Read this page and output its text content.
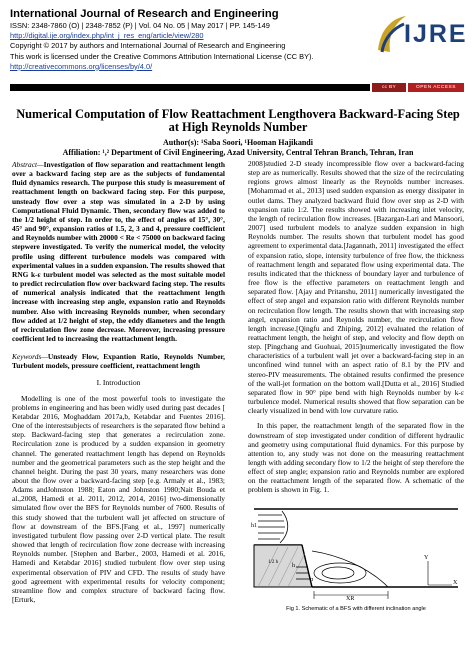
International Journal of Research and Engineering
ISSN: 2348-7860 (O) | 2348-7852 (P) | Vol. 04 No. 05 | May 2017 | PP. 145-149
http://digital.ije.org/index.php/int_j_res_eng/article/view/280
Copyright © 2017 by authors and International Journal of Research and Engineering
This work is licensed under the Creative Commons Attribution International License (CC BY).
http://creativecommons.org/licenses/by/4.0/
IJRE
cc BY	OPEN ACCESS
Numerical Computation of Flow Reattachment Lengthovera Backward-Facing Step at High Reynolds Number
Author(s): ¹Saba Soori, ¹Hooman Hajikandi
Affiliation: ¹,² Department of Civil Engineering, Azad University, Central Tehran Branch, Tehran, Iran

Abstract—Investigation of flow separation and reattachment length over a backward facing step are as the subjects of fundamental fluid dynamics research. The purpose this study is measurement of reattachment length on backward facing step. For this purpose, unsteady flow over a step was simulated in a 2-D by using Computational Fluid Dynamic. Then, secondary flow was added to the 1/2 height of step. In order to, the effect of angles of 15°, 30°, 45° and 90°, expansion ratios of 1.5, 2, 3 and 4, pressure coefficient and Reynolds number with 20000 < Re < 75000 on backward facing stepwere investigated. To verify the numerical model, the velocity profile using different turbulence models was compared with experimental values in a sudden expansion. The results showed that RNG k-ε turbulent model was selected as the most suitable model to predict recirculation flow over backward facing step. The results of numerical analysis indicated that the reattachment length increase with increasing step angle, expansion ratio and Reynolds number. Also with increasing Reynolds number, when secondary flow added at 1/2 height of step, the eddy diameters and the length of recirculation flow zone decrease. Moreover, increasing pressure coefficient led to increasing the reattachment length.

Keywords—Unsteady Flow, Expantion Ratio, Reynolds Number, Turbulent models, pressure coefficient, reattachment length

I. Introduction

Modelling is one of the most powerful tools to investigate the problems in engineering and has been widly used during past decades [ Ketabdar 2016, Moghaddam 2017a,b, Ketabdar and Fuentes 2016]. One of the interestsubjects of researchers is the separated flow behind a step. Backward-facing step that generates a recirculation zone. Recirculation zone is produced by a sudden expansion in geometry channel. The generated reattachment length has depend on Reynolds number and the geometrical parameters such as the step height and the channel height. During the past 30 years, many researchers was done about the flow over a backward-facing step [e.g. Armaly et al., 1983; Adams andJohnston 1988; Eaton and Johnston 1980;Nait Bouda et al.,2008, Hamedi et al. 2011, 2012, 2014, 2016] two-dimensionally simulated flow over the BFS for Reynolds number of 7600. Results of this study showed that the turbulent wall jet affected on structure of flow at downstream of the BFS.[Fang et al., 1997] numerically investigated turbulent flow passing over 2-D vertical plate. The result showed that length of recirculation flow zone decrease with increasing Reynolds number. [Stephen and Barber., 2003, Hamedi et al. 2016, Hamedi and Ketabdar 2016] studied turbulent flow over step using experimental observation of PIV and CFD. The results of study have good agreement with experimental results for velocity component; streamline flow and complex structure of backward facing flow. [Erturk,

2008]studied 2-D steady incompressible flow over a backward-facing step are as numerically. Results showed that the size of the recirculating regions grows almost linearly as the Reynolds number increases.[Mohammad et al., 2013] used sudden expansion as energy dissipater in outlet dams. They analyzed backward fluid flow over step as 2-D with expansion ratio 1:2. The results showed with increasing inlet velocity, the length of recirculation flow increases. [Bazargan-Lari and Mansoori, 2007] used turbulent models to analyze sudden expansion in high Reynolds number. The results shown that turbulent model has good agreement to experimental data.[Jagannath, 2011] investigated the effect of expansion ratio, slope, intensity turbulence of free flow, the thickness of reattachment length and separated flow using experimental data. The results indicated that the thickness of boundary layer and turbulence of free flow is the effective parameters on reattachment length and separated flow. [Ajay and Pritanshu, 2011] numerically investigated the effect of step angel and expansion ratio with different Reynolds number on recirculation flow length. The results shown that with increasing step angel, expansion ratio and Reynolds number, the recirculation flow length increase.[Qingfu and Zhiping, 2012] evaluated the relation of reattachment length, the height of step, and velocity and flow depth on step. [Pingchang and Guohuai, 2015]numerically investigated the flow characteristics of a turbulent wall jet over a backward-facing step in an unconfined wind tunnel with an aspect ratio of 8.1 by the PIV and stereo-PIV measurements. The obtained results confirmed the presence of the wall-jet formation on the bottom wall.[Dutta et al., 2016] Studied separated flow in 90° pipe bend with high Reynolds number by k-ε turbulence model. Numerical results showed that flow separation can be clearly visualized in bend with low curvature ratio.

In this paper, the reattachment length of the separated flow in the downstream of step investigated under condition of different hydraulic and geometry using computational fluid dynamics. For this purpose by attention to, any study was not done on the measuring reattachment length with adding secondary flow to 1/2 the height of step therefore the effect of step angle; expansion ratio and Reynolds number are explored on the reattachment length of the separated flow. A schematic of the problem is shown in Fig. 1.

h1
h
α	X
Y
XR
1/2 h
Fig 1. Schematic of a BFS with different inclination angle
